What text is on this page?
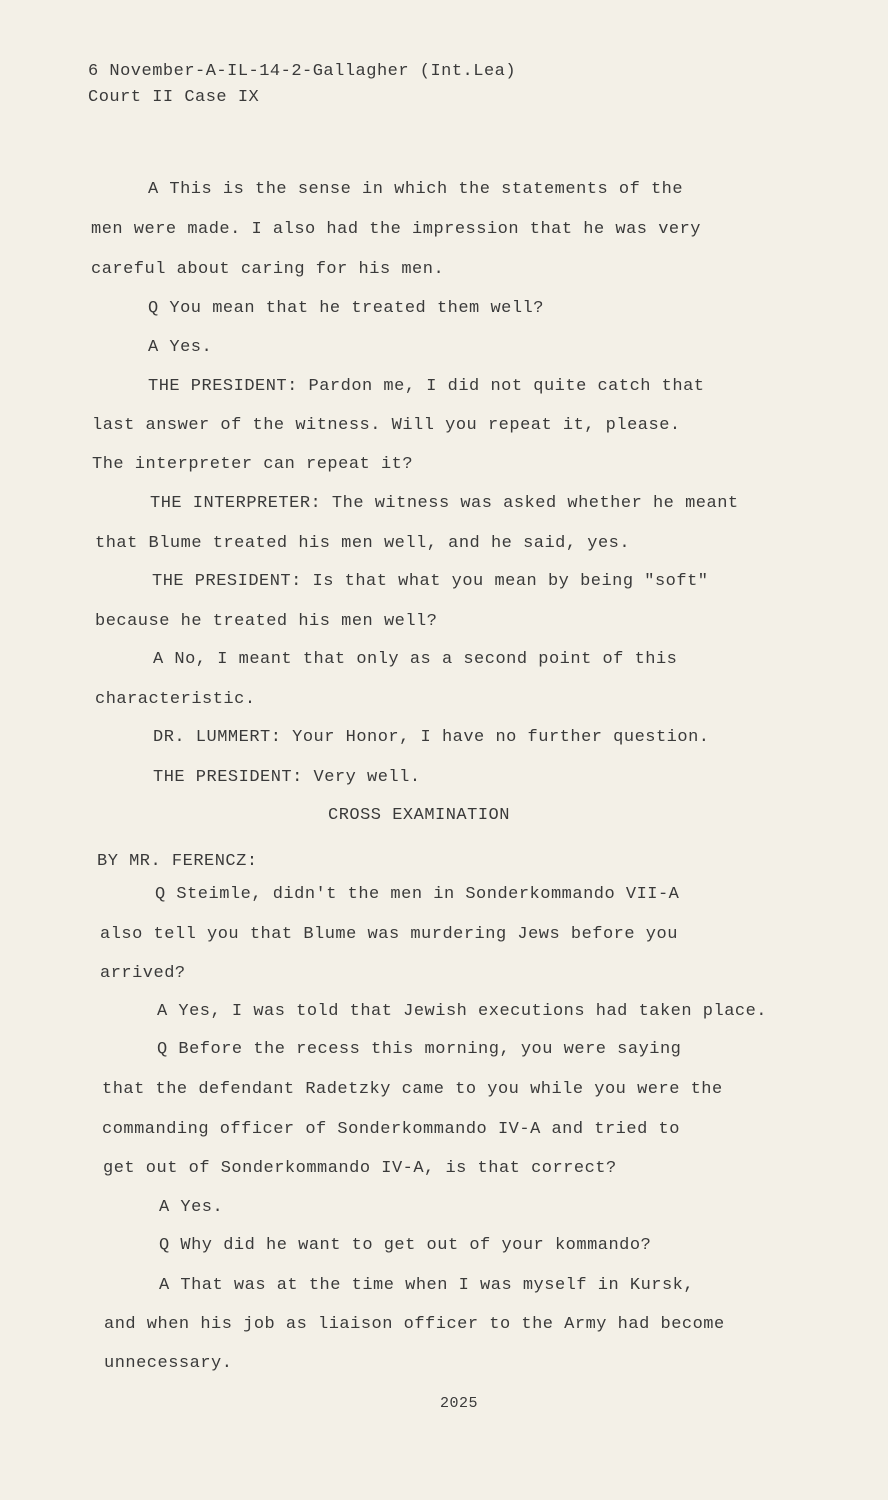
6 November-A-IL-14-2-Gallagher (Int.Lea)
Court II Case IX
A This is the sense in which the statements of the
men were made. I also had the impression that he was very
careful about caring for his men.
Q You mean that he treated them well?
A Yes.
THE PRESIDENT: Pardon me, I did not quite catch that
last answer of the witness. Will you repeat it, please.
The interpreter can repeat it?
THE INTERPRETER: The witness was asked whether he meant
that Blume treated his men well, and he said, yes.
THE PRESIDENT: Is that what you mean by being "soft"
because he treated his men well?
A No, I meant that only as a second point of this
characteristic.
DR. LUMMERT: Your Honor, I have no further question.
THE PRESIDENT: Very well.
CROSS EXAMINATION
BY MR. FERENCZ:
Q Steimle, didn't the men in Sonderkommando VII-A
also tell you that Blume was murdering Jews before you
arrived?
A Yes, I was told that Jewish executions had taken place.
Q Before the recess this morning, you were saying
that the defendant Radetzky came to you while you were the
commanding officer of Sonderkommando IV-A and tried to
get out of Sonderkommando IV-A, is that correct?
A Yes.
Q Why did he want to get out of your kommando?
A That was at the time when I was myself in Kursk,
and when his job as liaison officer to the Army had become
unnecessary.
2025
